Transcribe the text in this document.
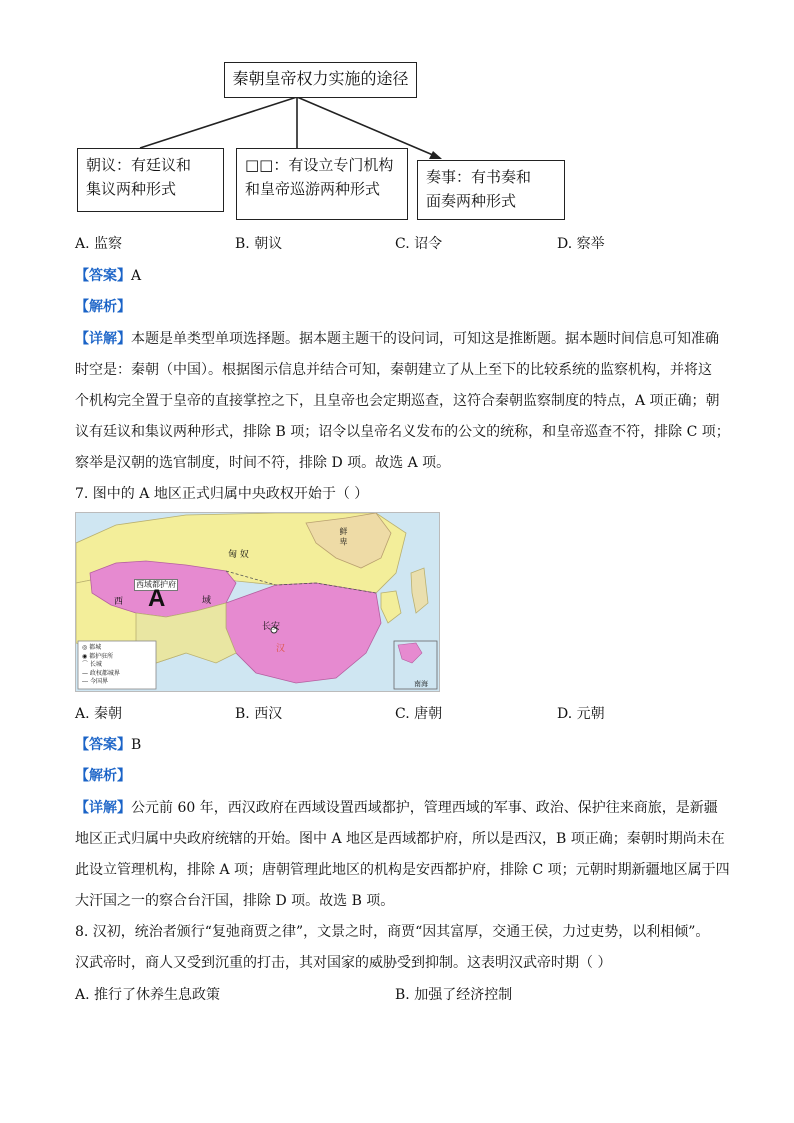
秦朝皇帝权力实施的途径
朝议：有廷议和
集议两种形式
□□：有设立专门机构
和皇帝巡游两种形式
奏事：有书奏和
面奏两种形式
A. 监察	B. 朝议	C. 诏令	D. 察举
【答案】A
【解析】
【详解】本题是单类型单项选择题。据本题主题干的设问词，可知这是推断题。据本题时间信息可知准确
时空是：秦朝（中国）。根据图示信息并结合可知，秦朝建立了从上至下的比较系统的监察机构，并将这
个机构完全置于皇帝的直接掌控之下，且皇帝也会定期巡查，这符合秦朝监察制度的特点，A 项正确；朝
议有廷议和集议两种形式，排除 B 项；诏令以皇帝名义发布的公文的统称，和皇帝巡查不符，排除 C 项；
察举是汉朝的选官制度，时间不符，排除 D 项。故选 A 项。
7. 图中的 A 地区正式归属中央政权开始于（ ）
西域都护府
A
西	域
匈 奴
鲜 卑
长安
汉
南海
◎ 都城
◉ 都护驻所
⌒ 长城
— 政权都城界
--- 今国界
A. 秦朝	B. 西汉	C. 唐朝	D. 元朝
【答案】B
【解析】
【详解】公元前 60 年，西汉政府在西域设置西域都护，管理西域的军事、政治、保护往来商旅，是新疆
地区正式归属中央政府统辖的开始。图中 A 地区是西域都护府，所以是西汉，B 项正确；秦朝时期尚未在
此设立管理机构，排除 A 项；唐朝管理此地区的机构是安西都护府，排除 C 项；元朝时期新疆地区属于四
大汗国之一的察合台汗国，排除 D 项。故选 B 项。
8. 汉初，统治者颁行“复弛商贾之律”，文景之时，商贾“因其富厚，交通王侯，力过吏势，以利相倾”。
汉武帝时，商人又受到沉重的打击，其对国家的威胁受到抑制。这表明汉武帝时期（ ）
A. 推行了休养生息政策	B. 加强了经济控制
